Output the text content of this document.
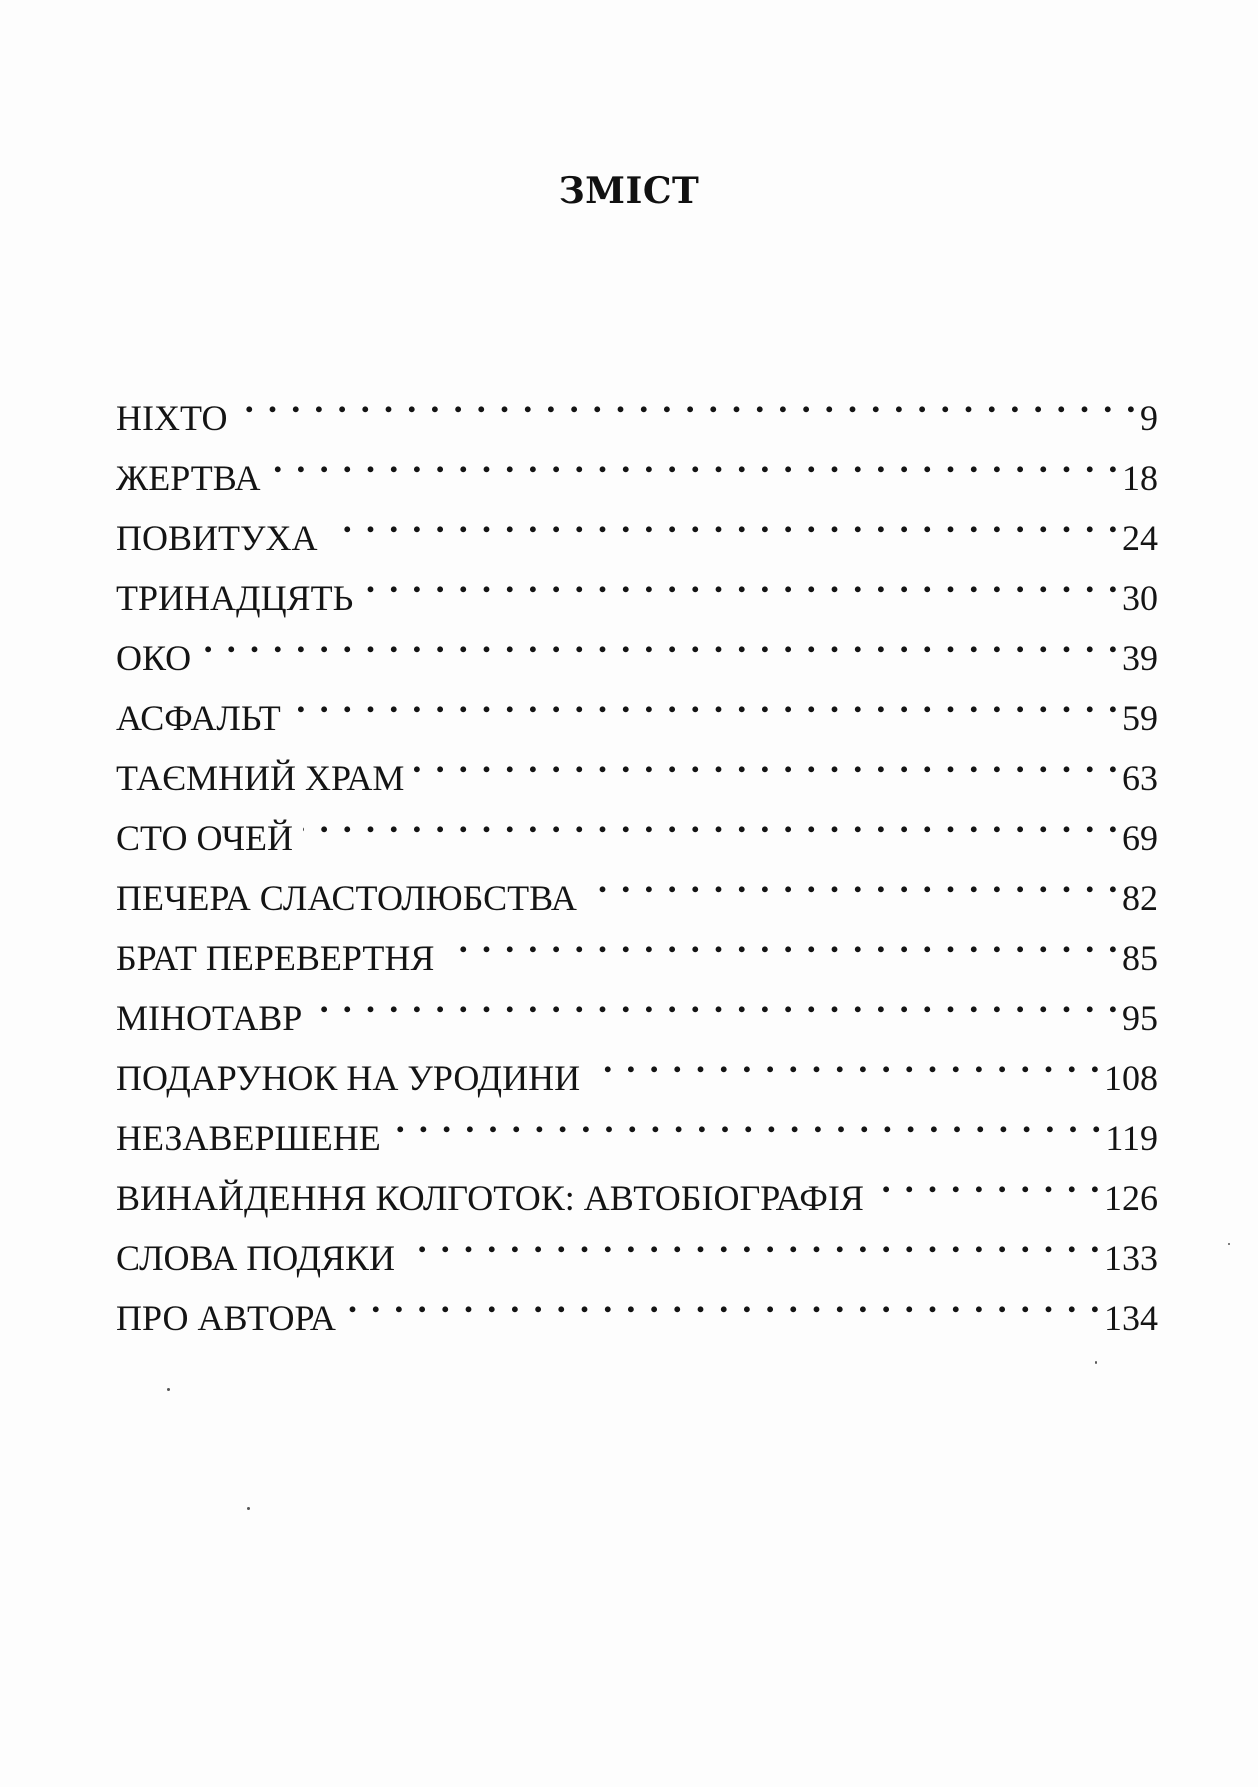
ЗМІСТ
НІХТО . . .	9
ЖЕРТВА . . .	18
ПОВИТУХА . . .	24
ТРИНАДЦЯТЬ . . .	30
ОКО . . .	39
АСФАЛЬТ . . .	59
ТАЄМНИЙ ХРАМ . . .	63
СТО ОЧЕЙ . . .	69
ПЕЧЕРА СЛАСТОЛЮБСТВА . . .	82
БРАТ ПЕРЕВЕРТНЯ . . .	85
МІНОТАВР . . .	95
ПОДАРУНОК НА УРОДИНИ . . .	108
НЕЗАВЕРШЕНЕ . . .	119
ВИНАЙДЕННЯ КОЛГОТОК: АВТОБІОГРАФІЯ . . .	126
СЛОВА ПОДЯКИ . . .	133
ПРО АВТОРА . . .	134
